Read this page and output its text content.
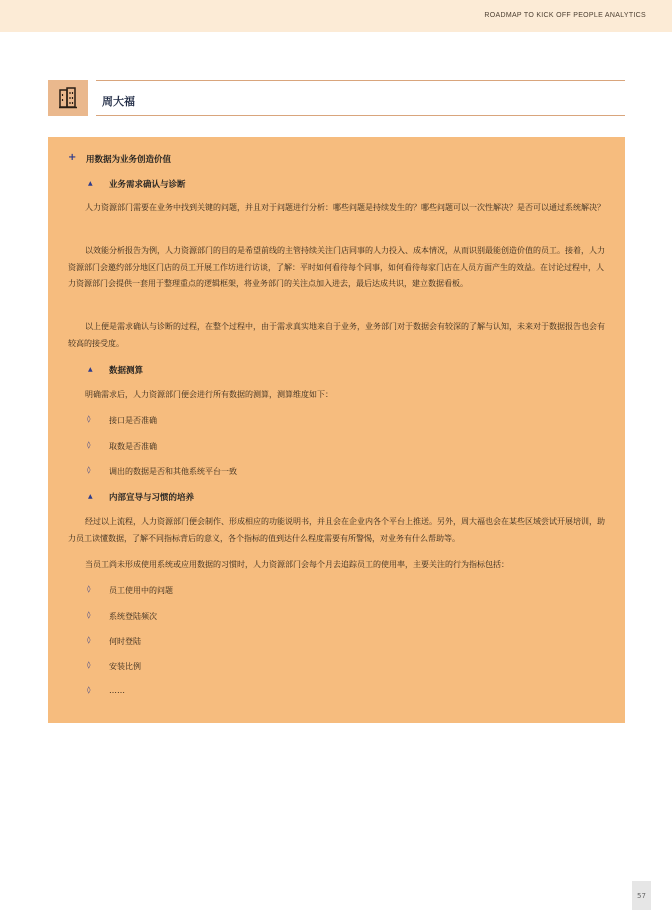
ROADMAP TO KICK OFF PEOPLE ANALYTICS
周大福
+ 用数据为业务创造价值
▲ 业务需求确认与诊断

人力资源部门需要在业务中找到关键的问题，并且对于问题进行分析：哪些问题是持续发生的？哪些问题可以一次性解决？是否可以通过系统解决？

以效能分析报告为例，人力资源部门的目的是希望前线的主管持续关注门店同事的人力投入、成本情况，从而识别最能创造价值的员工。接着，人力资源部门会邀约部分地区门店的员工开展工作坊进行访谈，了解：平时如何看待每个同事，如何看待每家门店在人员方面产生的效益。在讨论过程中，人力资源部门会提供一套用于整理重点的逻辑框架，将业务部门的关注点加入进去，最后达成共识，建立数据看板。

以上便是需求确认与诊断的过程，在整个过程中，由于需求真实地来自于业务，业务部门对于数据会有较深的了解与认知，未来对于数据报告也会有较高的接受度。

▲ 数据测算

明确需求后，人力资源部门便会进行所有数据的测算，测算维度如下：

◊ 接口是否准确
◊ 取数是否准确
◊ 调出的数据是否和其他系统平台一致
▲ 内部宣导与习惯的培养

经过以上流程，人力资源部门便会制作、形成相应的功能说明书，并且会在企业内各个平台上推送。另外，周大福也会在某些区域尝试开展培训，助力员工读懂数据，了解不同指标背后的意义，各个指标的值到达什么程度需要有所警惕，对业务有什么帮助等。

当员工尚未形成使用系统或应用数据的习惯时，人力资源部门会每个月去追踪员工的使用率，主要关注的行为指标包括：

◊ 员工使用中的问题
◊ 系统登陆频次
◊ 何时登陆
◊ 安装比例
◊ ……
57
